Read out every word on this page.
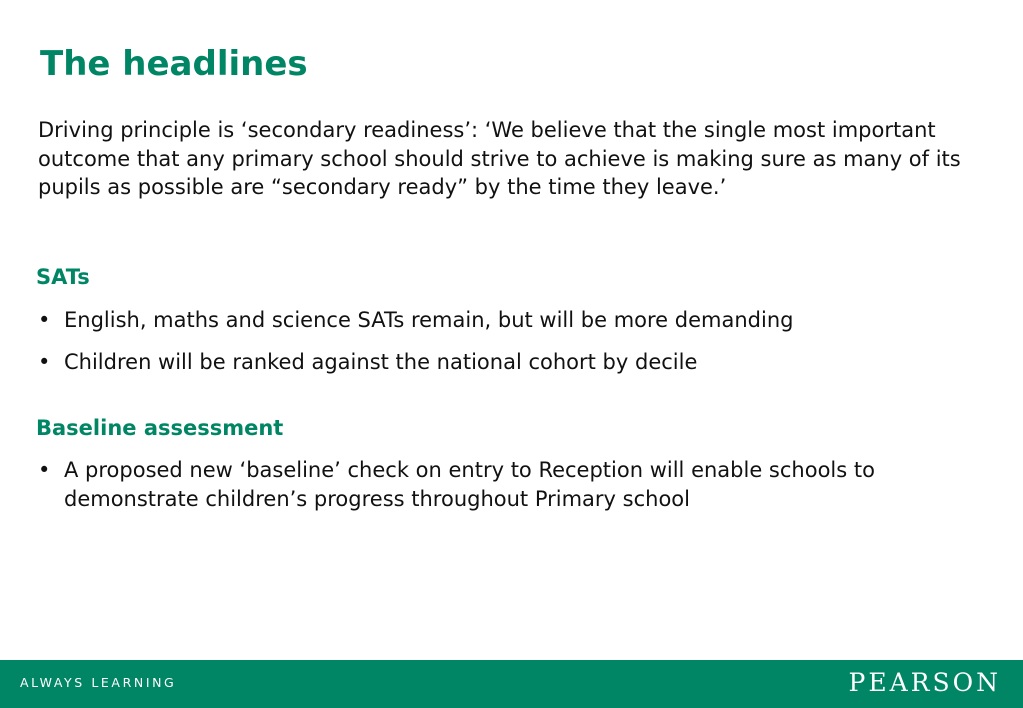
The headlines

Driving principle is ‘secondary readiness’: ‘We believe that the single most important outcome that any primary school should strive to achieve is making sure as many of its pupils as possible are “secondary ready” by the time they leave.’

SATs
• English, maths and science SATs remain, but will be more demanding
• Children will be ranked against the national cohort by decile
Baseline assessment
• A proposed new ‘baseline’ check on entry to Reception will enable schools to demonstrate children’s progress throughout Primary school
ALWAYS LEARNING	PEARSON
